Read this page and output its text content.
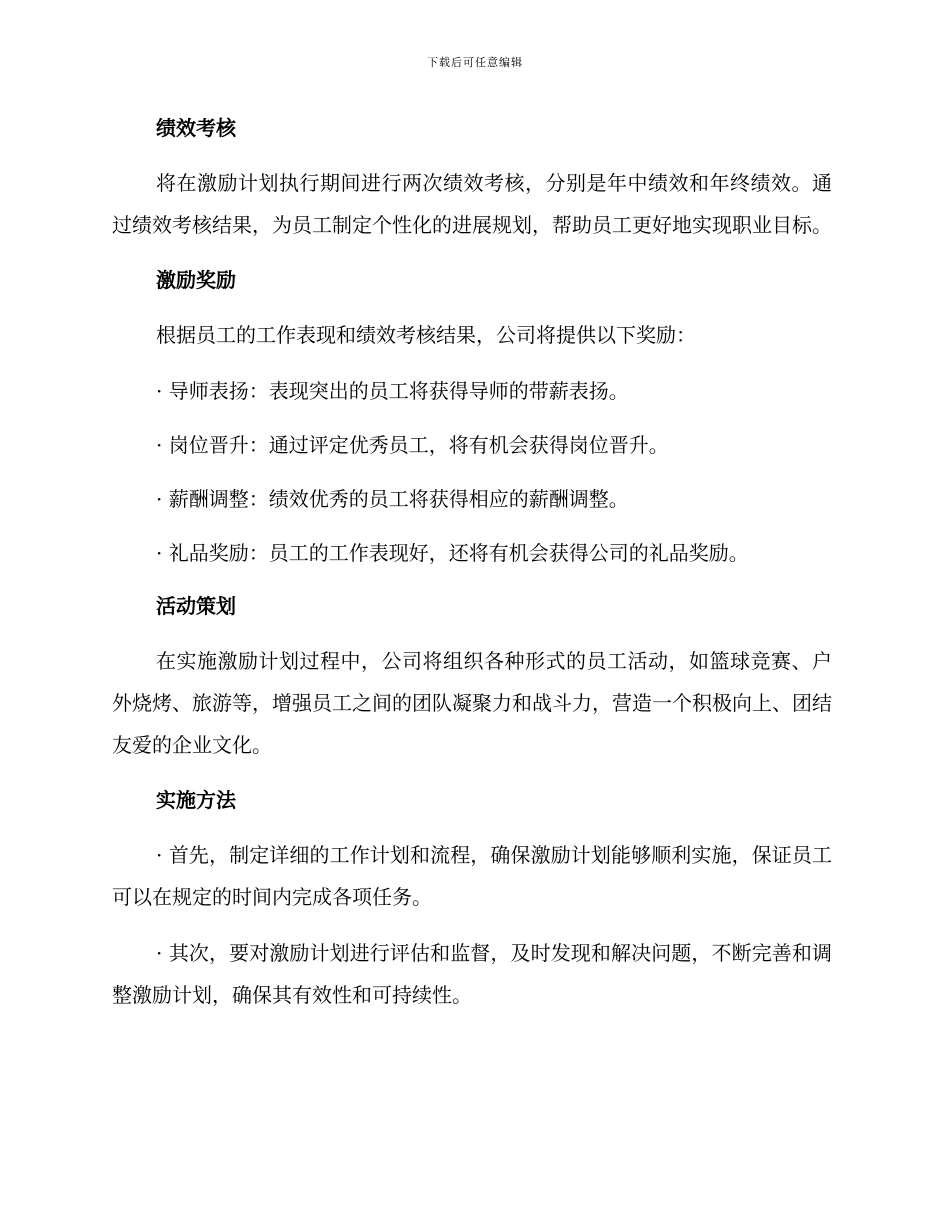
下载后可任意编辑
绩效考核

将在激励计划执行期间进行两次绩效考核，分别是年中绩效和年终绩效。通过绩效考核结果，为员工制定个性化的进展规划，帮助员工更好地实现职业目标。

激励奖励

根据员工的工作表现和绩效考核结果，公司将提供以下奖励：

· 导师表扬：表现突出的员工将获得导师的带薪表扬。

· 岗位晋升：通过评定优秀员工，将有机会获得岗位晋升。

· 薪酬调整：绩效优秀的员工将获得相应的薪酬调整。

· 礼品奖励：员工的工作表现好，还将有机会获得公司的礼品奖励。

活动策划

在实施激励计划过程中，公司将组织各种形式的员工活动，如篮球竞赛、户外烧烤、旅游等，增强员工之间的团队凝聚力和战斗力，营造一个积极向上、团结友爱的企业文化。

实施方法

· 首先，制定详细的工作计划和流程，确保激励计划能够顺利实施，保证员工可以在规定的时间内完成各项任务。

· 其次，要对激励计划进行评估和监督，及时发现和解决问题，不断完善和调整激励计划，确保其有效性和可持续性。
